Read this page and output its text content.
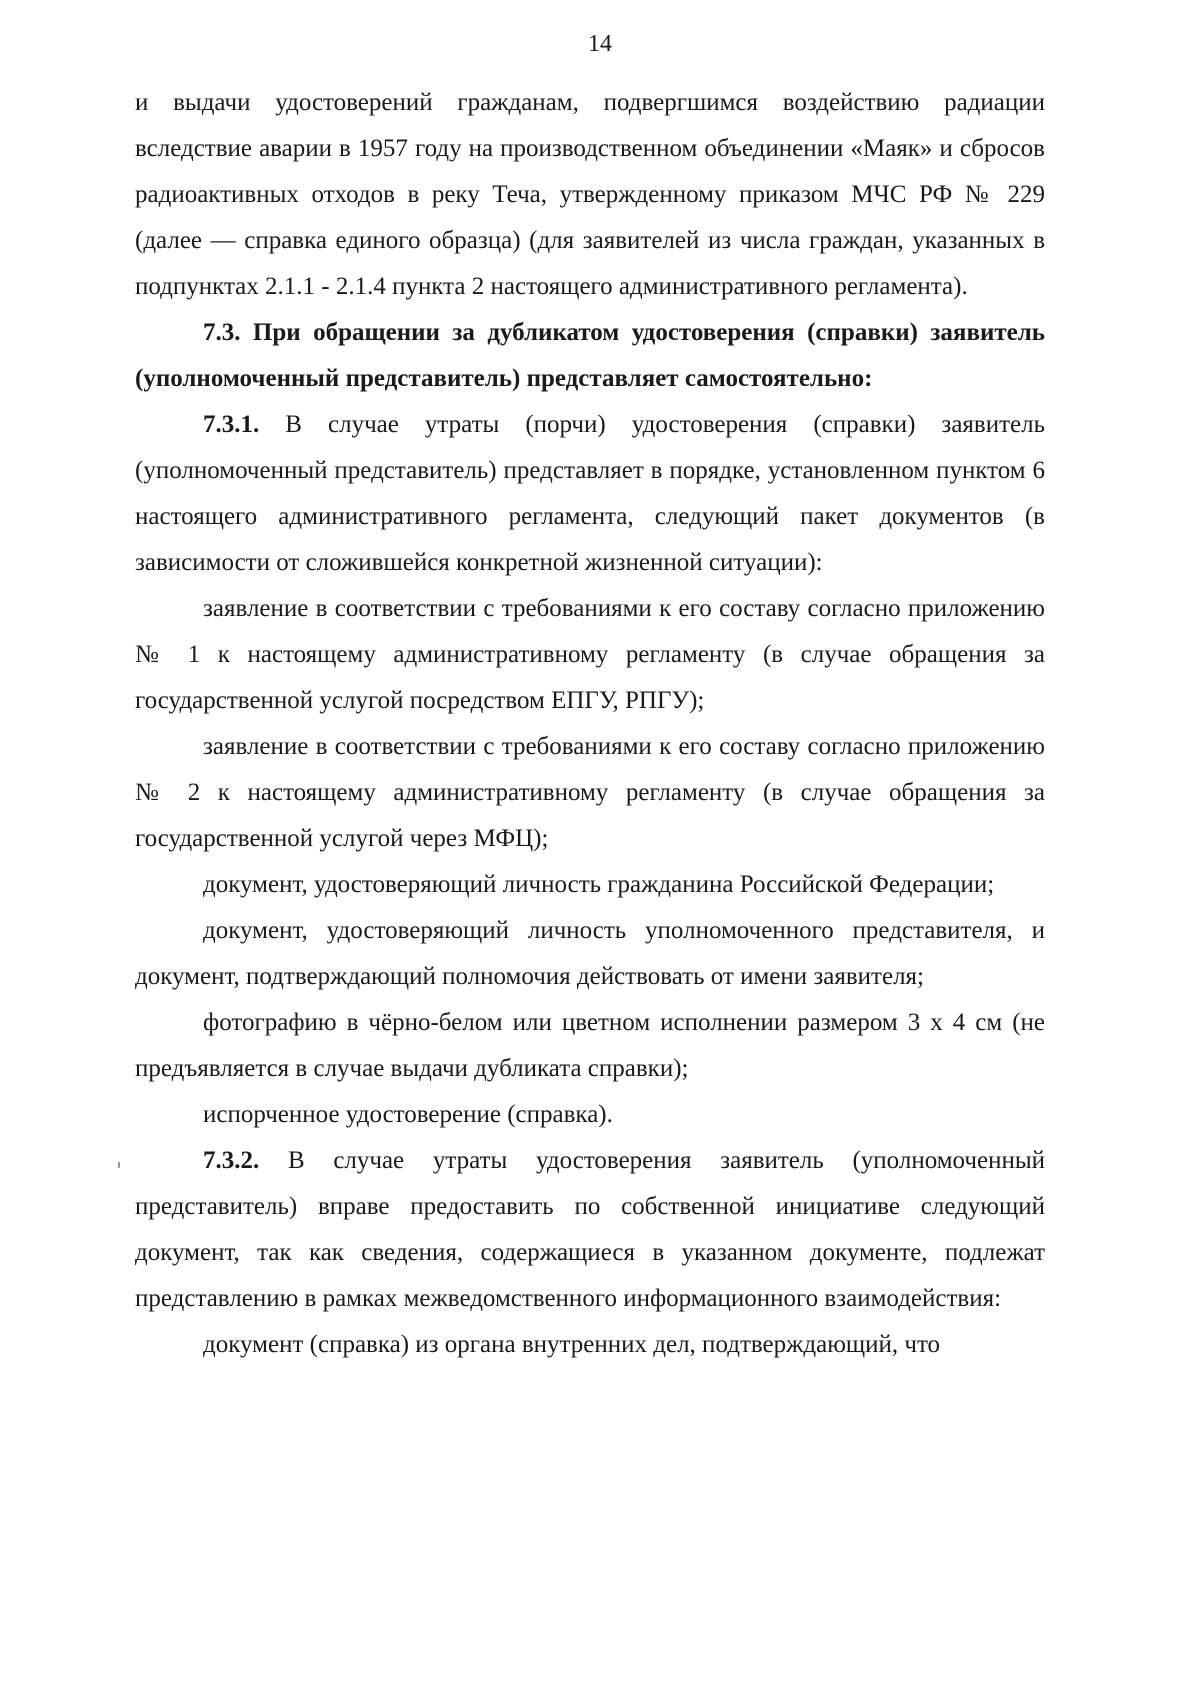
14

и выдачи удостоверений гражданам, подвергшимся воздействию радиации вследствие аварии в 1957 году на производственном объединении «Маяк» и сбросов радиоактивных отходов в реку Теча, утвержденному приказом МЧС РФ № 229 (далее — справка единого образца) (для заявителей из числа граждан, указанных в подпунктах 2.1.1 - 2.1.4 пункта 2 настоящего административного регламента).

7.3. При обращении за дубликатом удостоверения (справки) заявитель (уполномоченный представитель) представляет самостоятельно:

7.3.1. В случае утраты (порчи) удостоверения (справки) заявитель (уполномоченный представитель) представляет в порядке, установленном пунктом 6 настоящего административного регламента, следующий пакет документов (в зависимости от сложившейся конкретной жизненной ситуации):

заявление в соответствии с требованиями к его составу согласно приложению № 1 к настоящему административному регламенту (в случае обращения за государственной услугой посредством ЕПГУ, РПГУ);

заявление в соответствии с требованиями к его составу согласно приложению № 2 к настоящему административному регламенту (в случае обращения за государственной услугой через МФЦ);

документ, удостоверяющий личность гражданина Российской Федерации;

документ, удостоверяющий личность уполномоченного представителя, и документ, подтверждающий полномочия действовать от имени заявителя;

фотографию в чёрно-белом или цветном исполнении размером 3 х 4 см (не предъявляется в случае выдачи дубликата справки);

испорченное удостоверение (справка).

7.3.2. В случае утраты удостоверения заявитель (уполномоченный представитель) вправе предоставить по собственной инициативе следующий документ, так как сведения, содержащиеся в указанном документе, подлежат представлению в рамках межведомственного информационного взаимодействия:

документ (справка) из органа внутренних дел, подтверждающий, что
